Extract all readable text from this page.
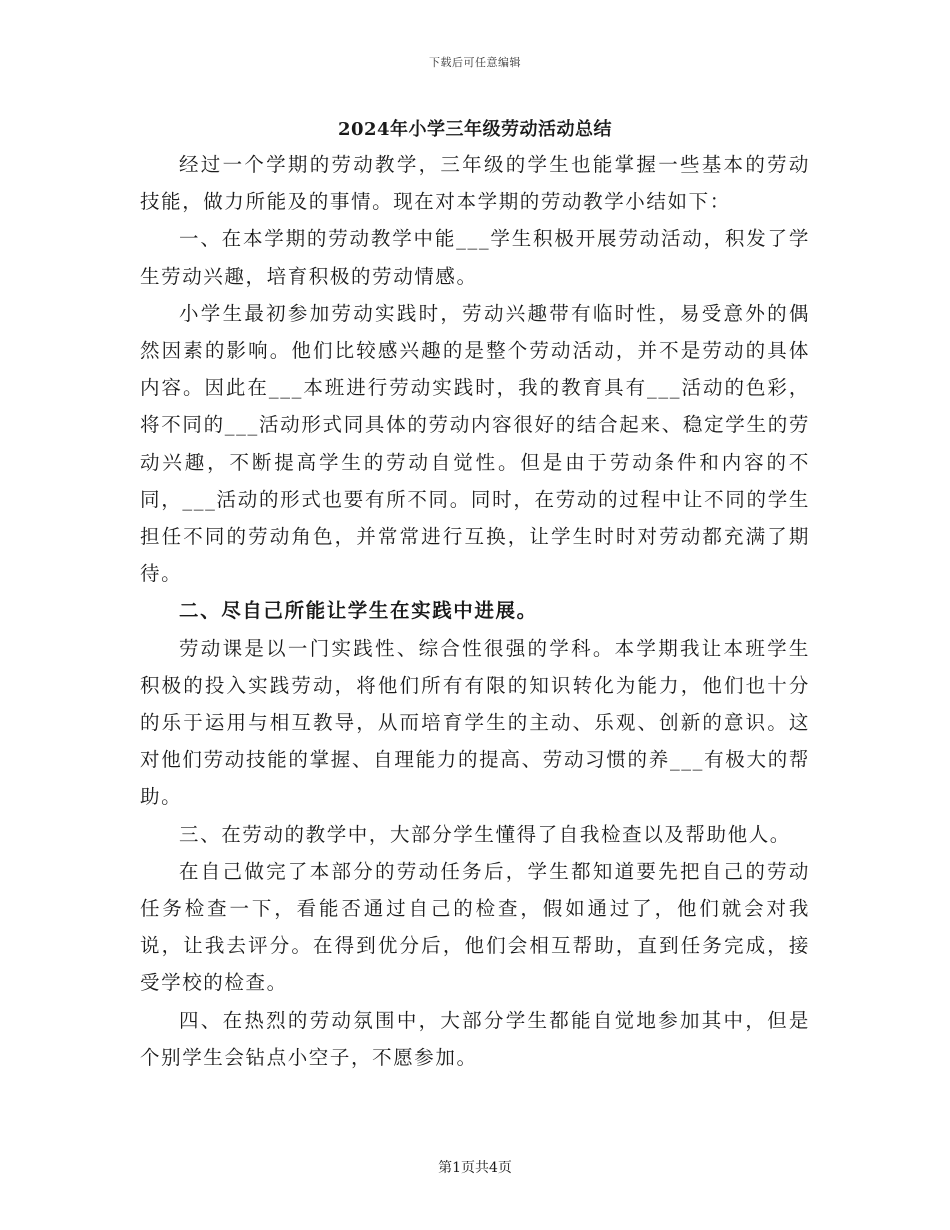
下载后可任意编辑
2024年小学三年级劳动活动总结

经过一个学期的劳动教学，三年级的学生也能掌握一些基本的劳动技能，做力所能及的事情。现在对本学期的劳动教学小结如下：

一、在本学期的劳动教学中能___学生积极开展劳动活动，积发了学生劳动兴趣，培育积极的劳动情感。

小学生最初参加劳动实践时，劳动兴趣带有临时性，易受意外的偶然因素的影响。他们比较感兴趣的是整个劳动活动，并不是劳动的具体内容。因此在___本班进行劳动实践时，我的教育具有___活动的色彩，将不同的___活动形式同具体的劳动内容很好的结合起来、稳定学生的劳动兴趣，不断提高学生的劳动自觉性。但是由于劳动条件和内容的不同，___活动的形式也要有所不同。同时，在劳动的过程中让不同的学生担任不同的劳动角色，并常常进行互换，让学生时时对劳动都充满了期待。

二、尽自己所能让学生在实践中进展。

劳动课是以一门实践性、综合性很强的学科。本学期我让本班学生积极的投入实践劳动，将他们所有有限的知识转化为能力，他们也十分的乐于运用与相互教导，从而培育学生的主动、乐观、创新的意识。这对他们劳动技能的掌握、自理能力的提高、劳动习惯的养___有极大的帮助。

三、在劳动的教学中，大部分学生懂得了自我检查以及帮助他人。

在自己做完了本部分的劳动任务后，学生都知道要先把自己的劳动任务检查一下，看能否通过自己的检查，假如通过了，他们就会对我说，让我去评分。在得到优分后，他们会相互帮助，直到任务完成，接受学校的检查。

四、在热烈的劳动氛围中，大部分学生都能自觉地参加其中，但是个别学生会钻点小空子，不愿参加。

第1页共4页
